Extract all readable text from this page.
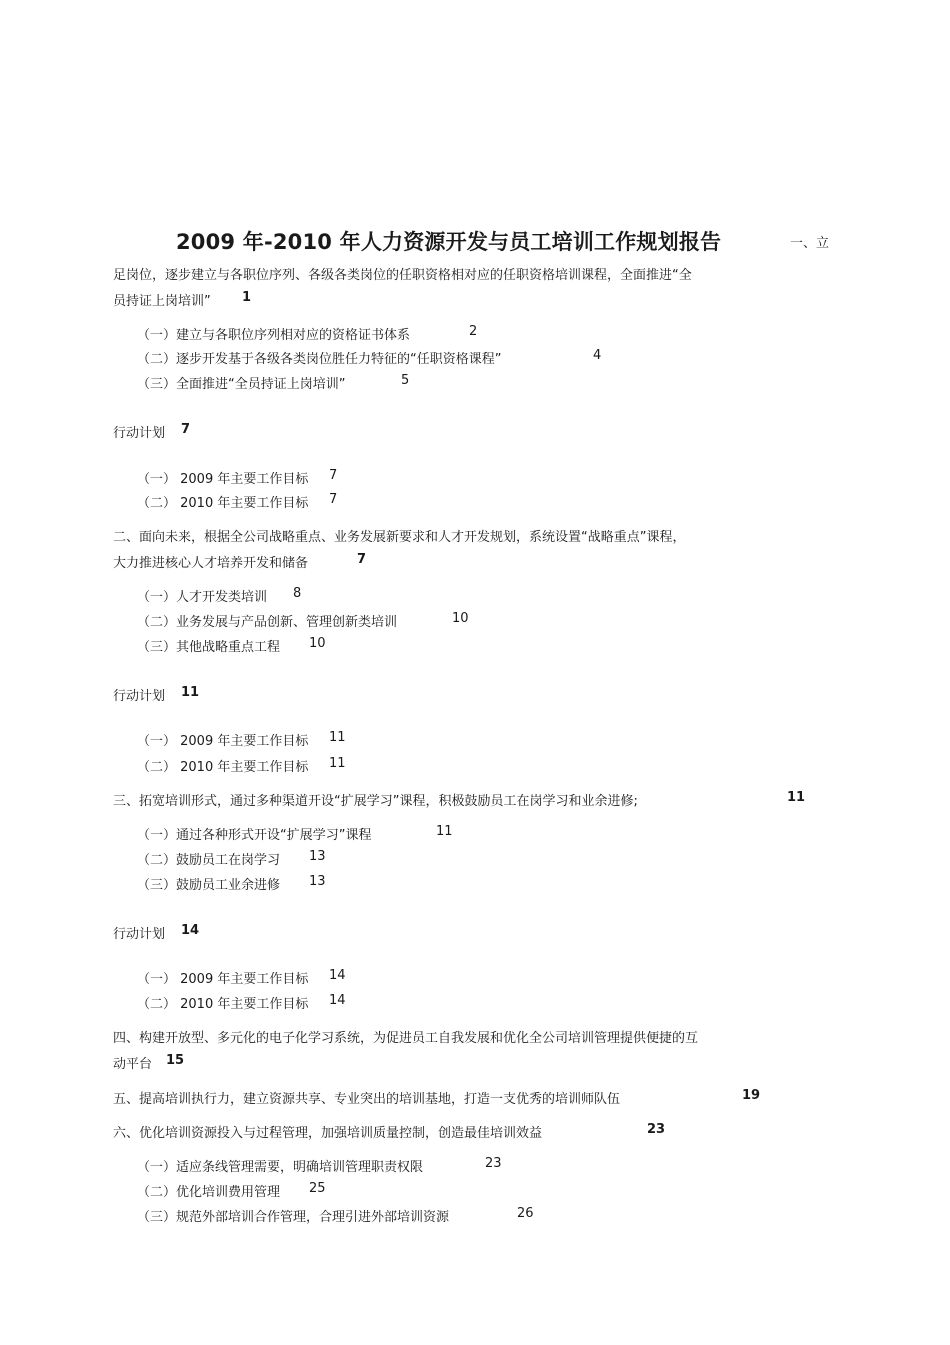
2009 年-2010 年人力资源开发与员工培训工作规划报告	一、立
足岗位，逐步建立与各职位序列、各级各类岗位的任职资格相对应的任职资格培训课程，全面推进“全
员持证上岗培训” 1
（一）建立与各职位序列相对应的资格证书体系	2
（二）逐步开发基于各级各类岗位胜任力特征的“任职资格课程”	4
（三）全面推进“全员持证上岗培训”	5
行动计划 7
（一） 2009 年主要工作目标 7
（二） 2010 年主要工作目标 7
二、面向未来，根据全公司战略重点、业务发展新要求和人才开发规划，系统设置“战略重点”课程，
大力推进核心人才培养开发和储备	7
（一）人才开发类培训 8
（二）业务发展与产品创新、管理创新类培训	10
（三）其他战略重点工程 10
行动计划 11
（一） 2009 年主要工作目标 11
（二） 2010 年主要工作目标 11
三、拓宽培训形式，通过多种渠道开设“扩展学习”课程，积极鼓励员工在岗学习和业余进修;	11
（一）通过各种形式开设“扩展学习”课程	11
（二）鼓励员工在岗学习 13
（三）鼓励员工业余进修 13
行动计划 14
（一） 2009 年主要工作目标 14
（二） 2010 年主要工作目标 14
四、构建开放型、多元化的电子化学习系统，为促进员工自我发展和优化全公司培训管理提供便捷的互
动平台 15
五、提高培训执行力，建立资源共享、专业突出的培训基地，打造一支优秀的培训师队伍	19
六、优化培训资源投入与过程管理，加强培训质量控制，创造最佳培训效益	23
（一）适应条线管理需要，明确培训管理职责权限	23
（二）优化培训费用管理 25
（三）规范外部培训合作管理，合理引进外部培训资源	26
